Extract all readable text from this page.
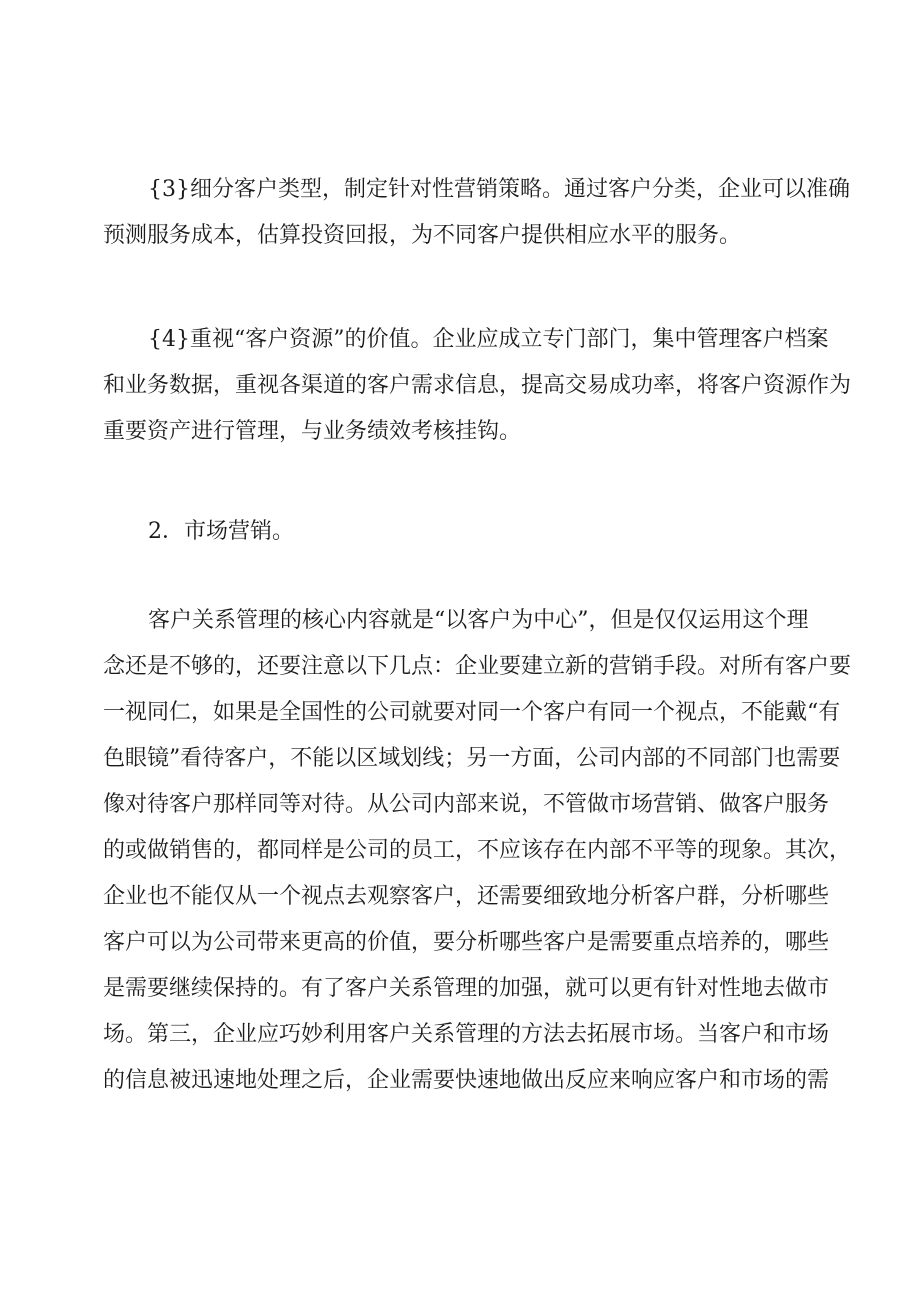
{3}细分客户类型，制定针对性营销策略。通过客户分类，企业可以准确
预测服务成本，估算投资回报，为不同客户提供相应水平的服务。

{4}重视“客户资源”的价值。企业应成立专门部门，集中管理客户档案
和业务数据，重视各渠道的客户需求信息，提高交易成功率，将客户资源作为
重要资产进行管理，与业务绩效考核挂钩。

2．市场营销。

客户关系管理的核心内容就是“以客户为中心”，但是仅仅运用这个理
念还是不够的，还要注意以下几点：企业要建立新的营销手段。对所有客户要
一视同仁，如果是全国性的公司就要对同一个客户有同一个视点，不能戴“有
色眼镜”看待客户，不能以区域划线；另一方面，公司内部的不同部门也需要
像对待客户那样同等对待。从公司内部来说，不管做市场营销、做客户服务
的或做销售的，都同样是公司的员工，不应该存在内部不平等的现象。其次，
企业也不能仅从一个视点去观察客户，还需要细致地分析客户群，分析哪些
客户可以为公司带来更高的价值，要分析哪些客户是需要重点培养的，哪些
是需要继续保持的。有了客户关系管理的加强，就可以更有针对性地去做市
场。第三，企业应巧妙利用客户关系管理的方法去拓展市场。当客户和市场
的信息被迅速地处理之后，企业需要快速地做出反应来响应客户和市场的需
